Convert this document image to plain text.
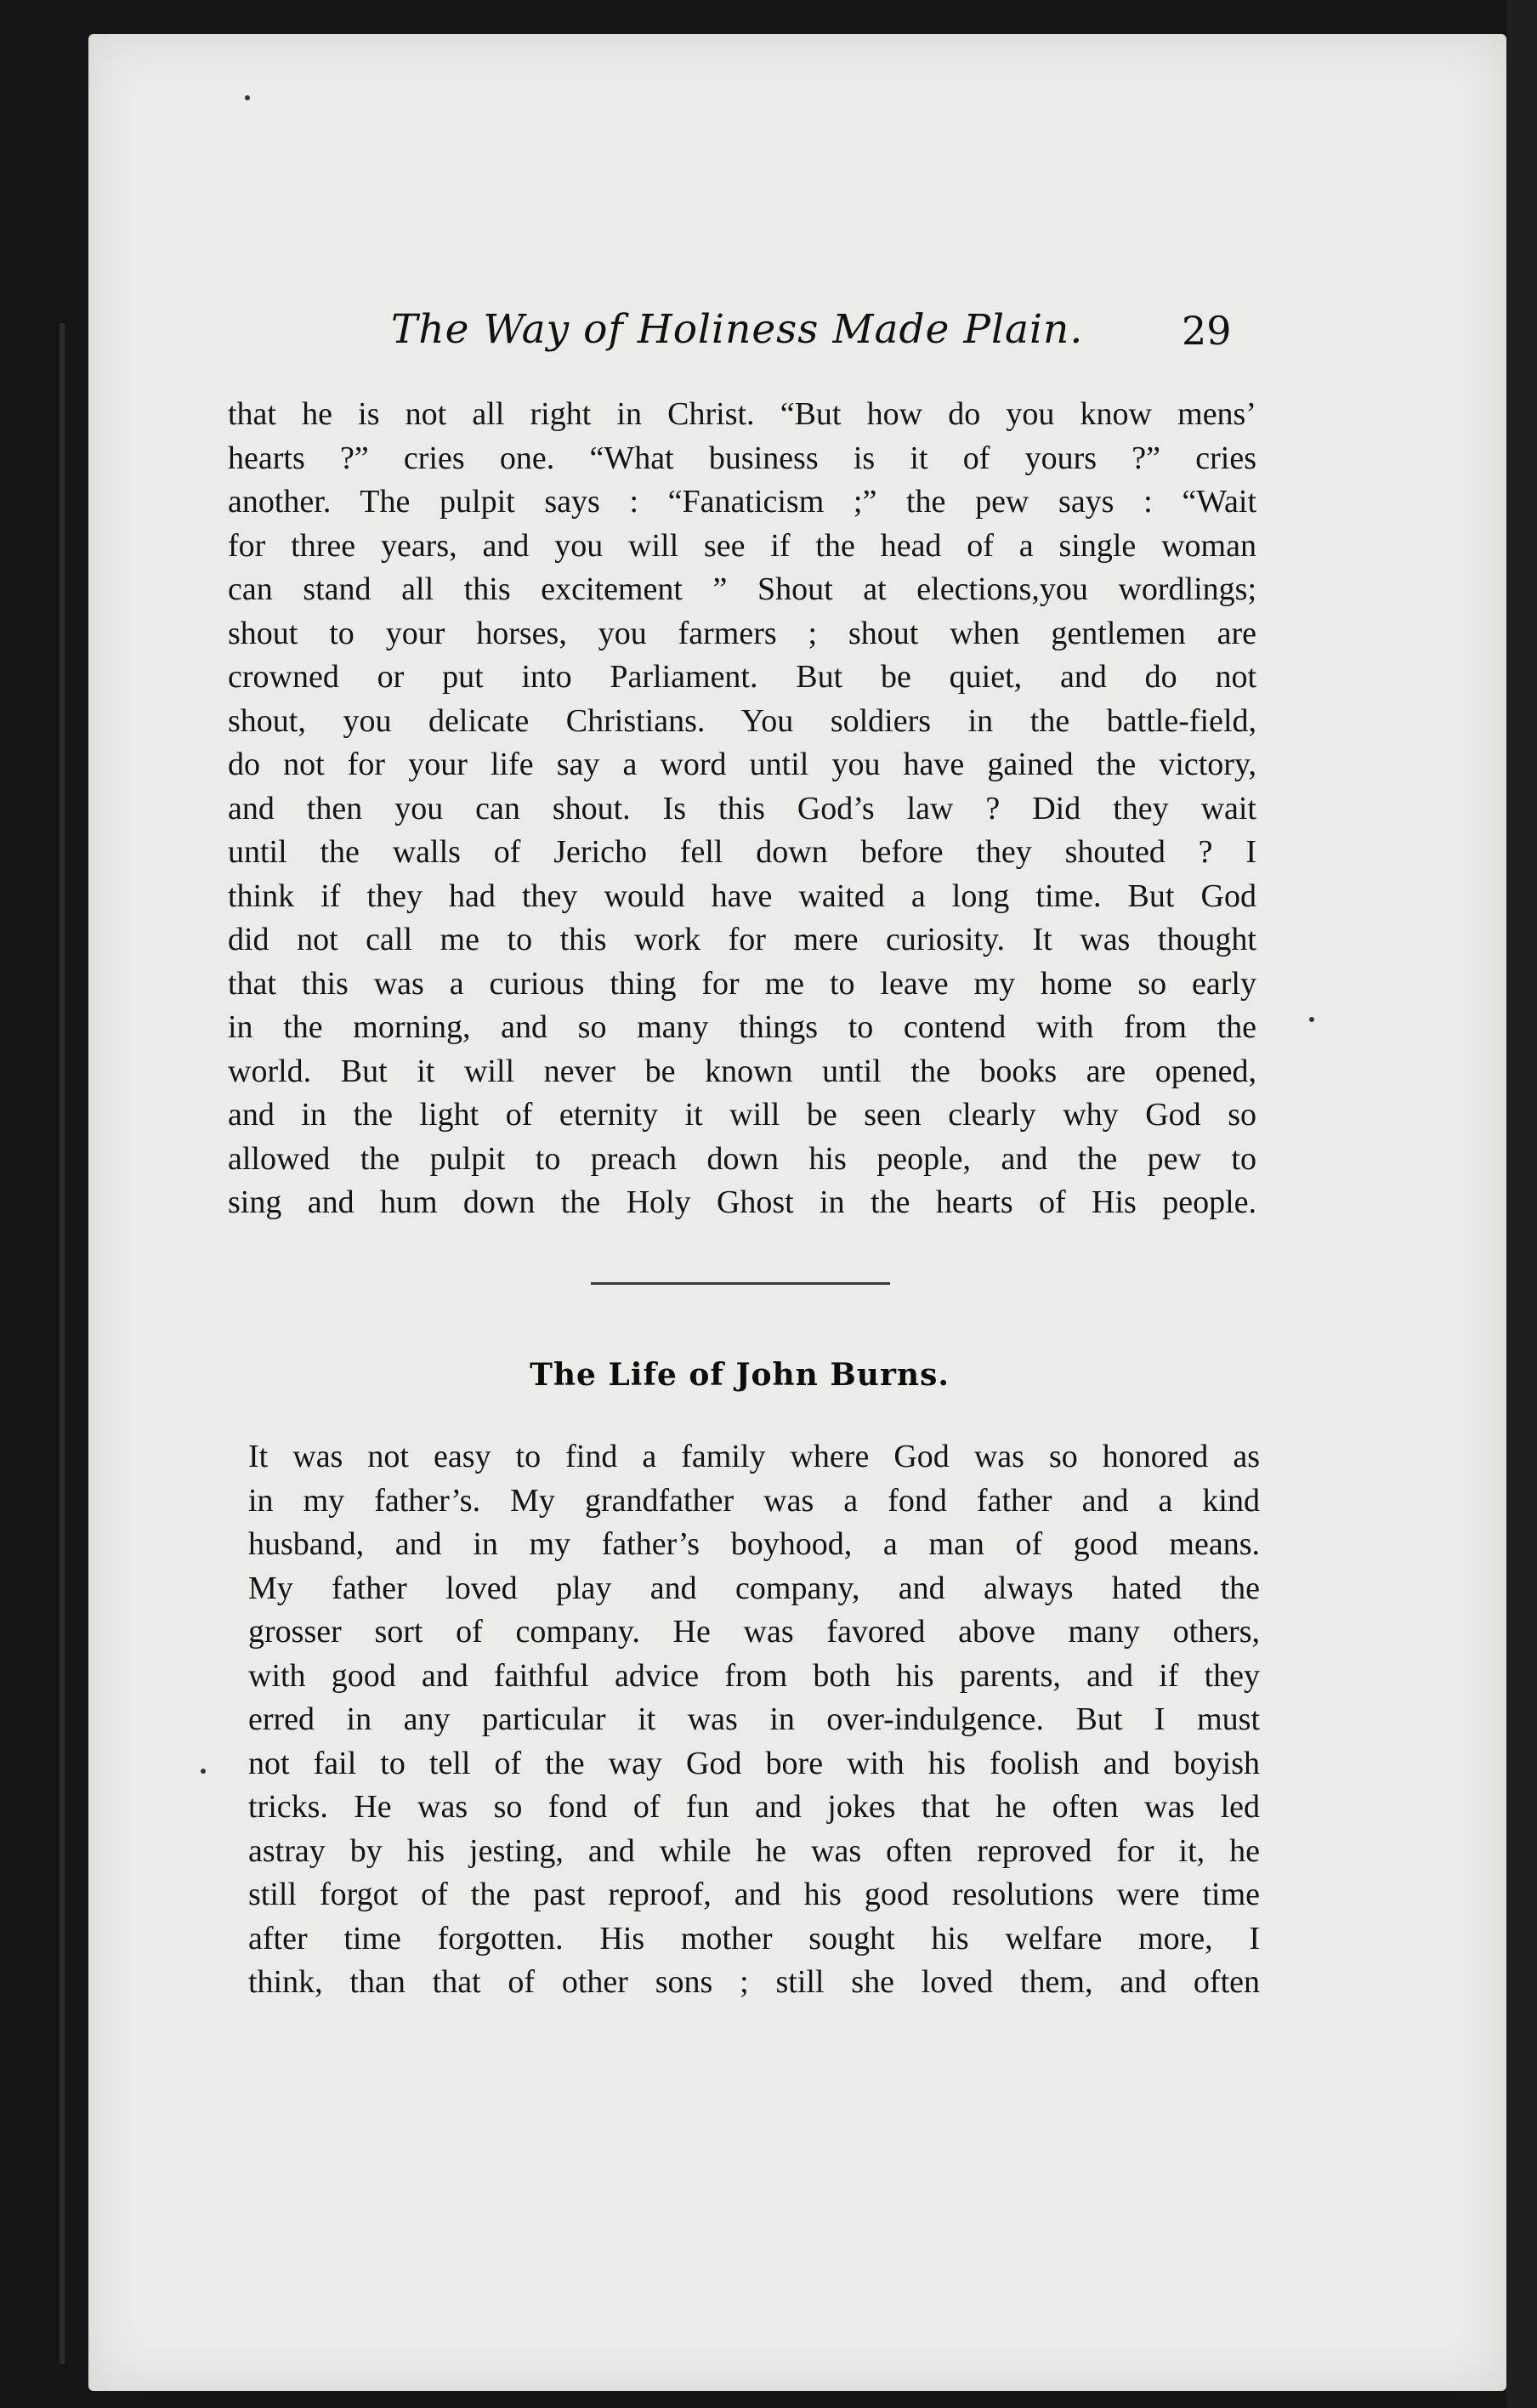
The Way of Holiness Made Plain.	29
that he is not all right in Christ. “But how do you know mens’
hearts ?” cries one. “What business is it of yours ?” cries
another. The pulpit says : “Fanaticism ;” the pew says : “Wait
for three years, and you will see if the head of a single woman
can stand all this excitement ” Shout at elections,you wordlings;
shout to your horses, you farmers ; shout when gentlemen are
crowned or put into Parliament. But be quiet, and do not
shout, you delicate Christians. You soldiers in the battle-field,
do not for your life say a word until you have gained the victory,
and then you can shout. Is this God’s law ? Did they wait
until the walls of Jericho fell down before they shouted ? I
think if they had they would have waited a long time. But God
did not call me to this work for mere curiosity. It was thought
that this was a curious thing for me to leave my home so early
in the morning, and so many things to contend with from the
world. But it will never be known until the books are opened,
and in the light of eternity it will be seen clearly why God so
allowed the pulpit to preach down his people, and the pew to
sing and hum down the Holy Ghost in the hearts of His people.
The Life of John Burns.
It was not easy to find a family where God was so honored as
in my father’s. My grandfather was a fond father and a kind
husband, and in my father’s boyhood, a man of good means.
My father loved play and company, and always hated the
grosser sort of company. He was favored above many others,
with good and faithful advice from both his parents, and if they
erred in any particular it was in over-indulgence. But I must
not fail to tell of the way God bore with his foolish and boyish
tricks. He was so fond of fun and jokes that he often was led
astray by his jesting, and while he was often reproved for it, he
still forgot of the past reproof, and his good resolutions were time
after time forgotten. His mother sought his welfare more, I
think, than that of other sons ; still she loved them, and often
